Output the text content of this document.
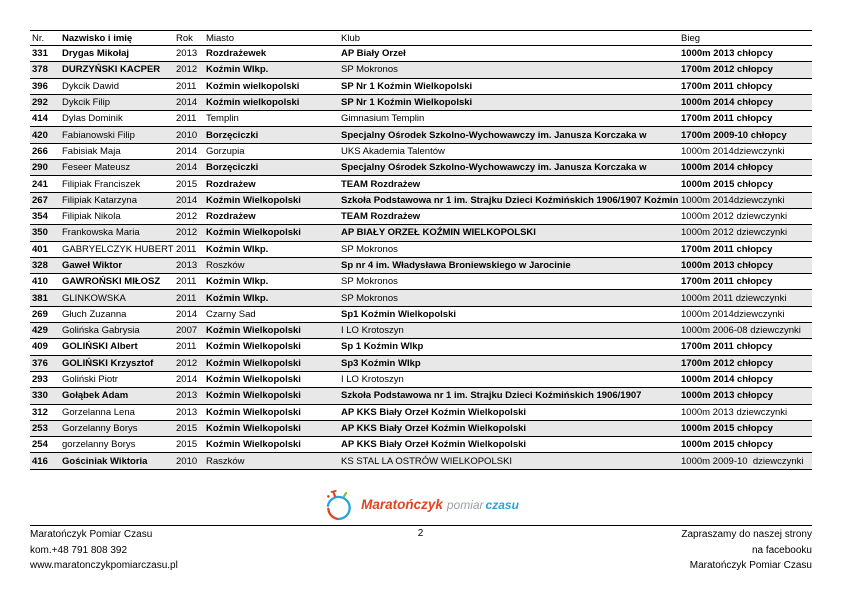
Nr.	Nazwisko i imię	Rok	Miasto	Klub	Bieg
331	Drygas Mikołaj	2013	Rozdrażewek	AP Biały Orzeł	1000m 2013 chłopcy
378	DURZYŃSKI KACPER	2012	Koźmin Wlkp.	SP Mokronos	1700m 2012 chłopcy
396	Dykcik Dawid	2011	Koźmin wielkopolski	SP Nr 1 Koźmin Wielkopolski	1700m 2011 chłopcy
292	Dykcik Filip	2014	Koźmin wielkopolski	SP Nr 1 Koźmin Wielkopolski	1000m 2014 chłopcy
414	Dylas Dominik	2011	Templin	Gimnasium Templin	1700m 2011 chłopcy
420	Fabianowski Filip	2010	Borzęciczki	Specjalny Ośrodek Szkolno-Wychowawczy im. Janusza Korczaka w	1700m 2009-10 chłopcy
266	Fabisiak Maja	2014	Gorzupia	UKS Akademia Talentów	1000m 2014dziewczynki
290	Feseer Mateusz	2014	Borzęciczki	Specjalny Ośrodek Szkolno-Wychowawczy im. Janusza Korczaka w	1000m 2014 chłopcy
241	Filipiak Franciszek	2015	Rozdrażew	TEAM Rozdrażew	1000m 2015 chłopcy
267	Filipiak Katarzyna	2014	Koźmin Wielkopolski	Szkoła Podstawowa nr 1 im. Strajku Dzieci Koźmińskich 1906/1907 Koźmin	1000m 2014dziewczynki
354	Filipiak Nikola	2012	Rozdrażew	TEAM Rozdrażew	1000m 2012 dziewczynki
350	Frankowska Maria	2012	Koźmin Wielkopolski	AP BIAŁY ORZEŁ KOŹMIN WIELKOPOLSKI	1000m 2012 dziewczynki
401	GABRYELCZYK HUBERT	2011	Koźmin Wlkp.	SP Mokronos	1700m 2011 chłopcy
328	Gaweł Wiktor	2013	Roszków	Sp nr 4 im. Władysława Broniewskiego w Jarocinie	1000m 2013 chłopcy
410	GAWROŃSKI MIŁOSZ	2011	Koźmin Wlkp.	SP Mokronos	1700m 2011 chłopcy
381	GLINKOWSKA	2011	Koźmin Wlkp.	SP Mokronos	1000m 2011 dziewczynki
269	Głuch Zuzanna	2014	Czarny Sad	Sp1 Koźmin Wielkopolski	1000m 2014dziewczynki
429	Golińska Gabrysia	2007	Koźmin Wielkopolski	I LO Krotoszyn	1000m 2006-08 dziewczynki
409	GOLIŃSKI Albert	2011	Koźmin Wielkopolski	Sp 1 Koźmin Wlkp	1700m 2011 chłopcy
376	GOLIŃSKI Krzysztof	2012	Koźmin Wielkopolski	Sp3 Koźmin Wlkp	1700m 2012 chłopcy
293	Goliński Piotr	2014	Koźmin Wielkopolski	I LO Krotoszyn	1000m 2014 chłopcy
330	Gołąbek Adam	2013	Koźmin Wielkopolski	Szkoła Podstawowa nr 1 im. Strajku Dzieci Koźmińskich 1906/1907	1000m 2013 chłopcy
312	Gorzelanna Lena	2013	Koźmin Wielkopolski	AP KKS Biały Orzeł Koźmin Wielkopolski	1000m 2013 dziewczynki
253	Gorzelanny Borys	2015	Koźmin Wielkopolski	AP KKS Biały Orzeł Koźmin Wielkopolski	1000m 2015 chłopcy
254	gorzelanny Borys	2015	Koźmin Wielkopolski	AP KKS Biały Orzeł Koźmin Wielkopolski	1000m 2015 chłopcy
416	Gościniak Wiktoria	2010	Raszków	KS STAL LA OSTRÓW WIELKOPOLSKI	1000m 2009-10  dziewczynki
Maratończyk pomiar czasu
2
Maratończyk Pomiar Czasu
kom.+48 791 808 392
www.maratonczykpomiarczasu.pl
Zapraszamy do naszej strony
na facebooku
Maratończyk Pomiar Czasu
